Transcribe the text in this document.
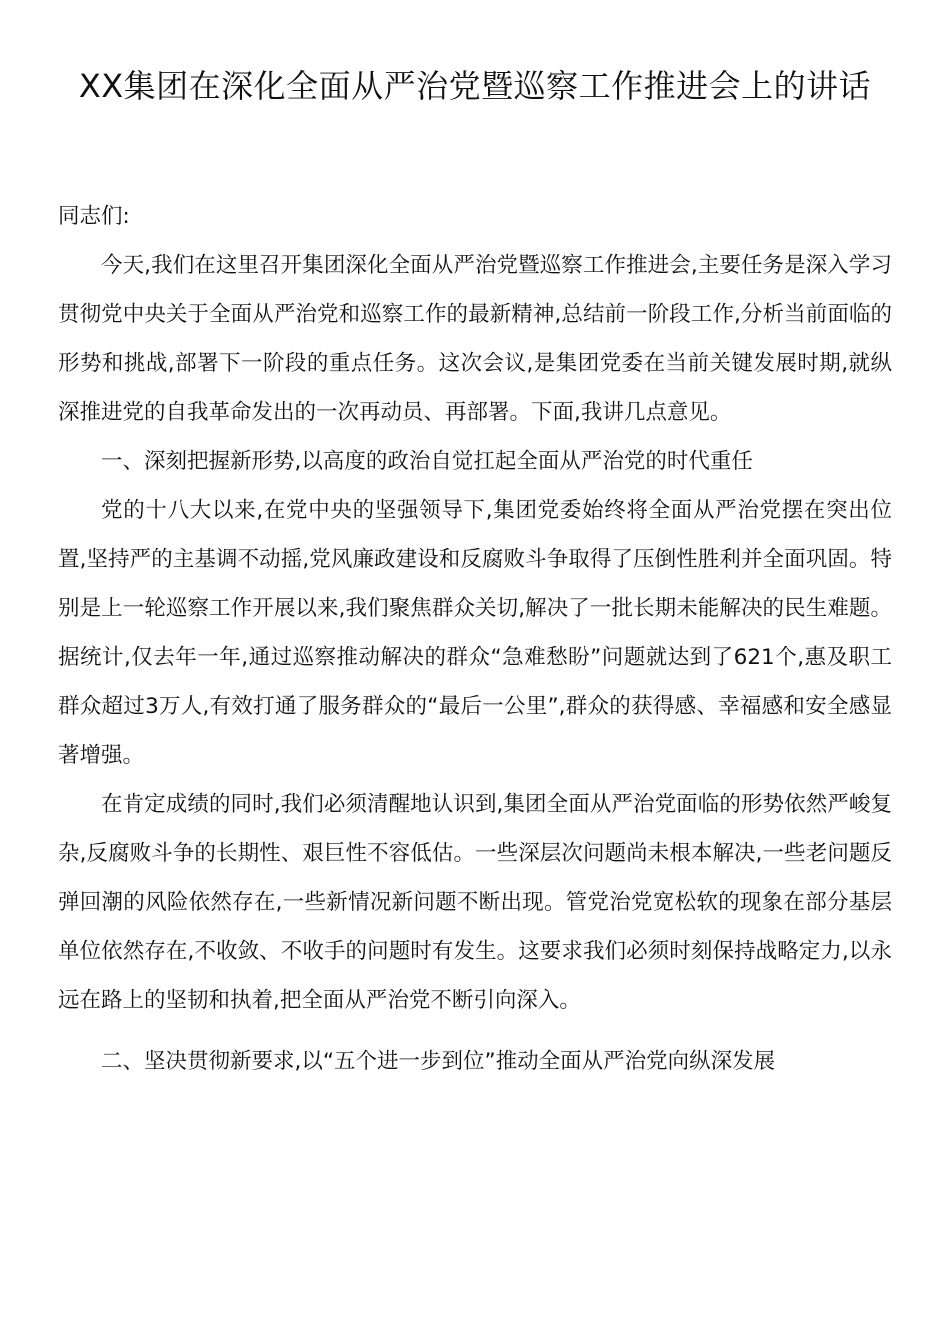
XX集团在深化全面从严治党暨巡察工作推进会上的讲话

同志们:

今天,我们在这里召开集团深化全面从严治党暨巡察工作推进会,主要任务是深入学习贯彻党中央关于全面从严治党和巡察工作的最新精神,总结前一阶段工作,分析当前面临的形势和挑战,部署下一阶段的重点任务。这次会议,是集团党委在当前关键发展时期,就纵深推进党的自我革命发出的一次再动员、再部署。下面,我讲几点意见。

一、深刻把握新形势,以高度的政治自觉扛起全面从严治党的时代重任

党的十八大以来,在党中央的坚强领导下,集团党委始终将全面从严治党摆在突出位置,坚持严的主基调不动摇,党风廉政建设和反腐败斗争取得了压倒性胜利并全面巩固。特别是上一轮巡察工作开展以来,我们聚焦群众关切,解决了一批长期未能解决的民生难题。据统计,仅去年一年,通过巡察推动解决的群众“急难愁盼”问题就达到了621个,惠及职工群众超过3万人,有效打通了服务群众的“最后一公里”,群众的获得感、幸福感和安全感显著增强。

在肯定成绩的同时,我们必须清醒地认识到,集团全面从严治党面临的形势依然严峻复杂,反腐败斗争的长期性、艰巨性不容低估。一些深层次问题尚未根本解决,一些老问题反弹回潮的风险依然存在,一些新情况新问题不断出现。管党治党宽松软的现象在部分基层单位依然存在,不收敛、不收手的问题时有发生。这要求我们必须时刻保持战略定力,以永远在路上的坚韧和执着,把全面从严治党不断引向深入。

二、坚决贯彻新要求,以“五个进一步到位”推动全面从严治党向纵深发展
